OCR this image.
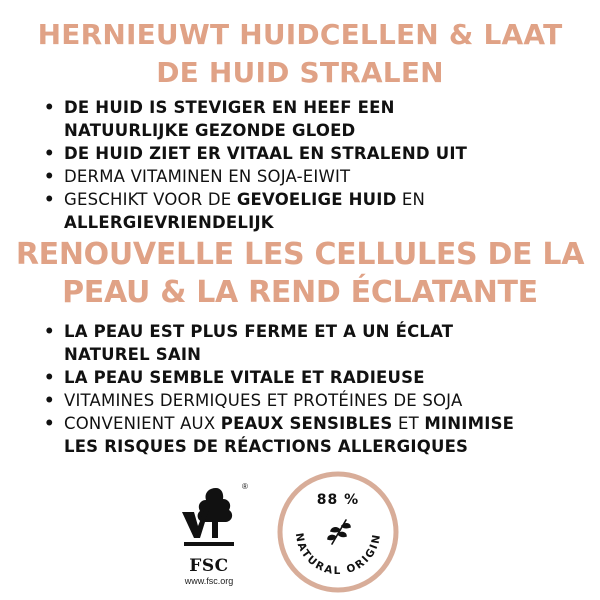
HERNIEUWT HUIDCELLEN & LAAT
DE HUID STRALEN
• DE HUID IS STEVIGER EN HEEF EEN
NATUURLIJKE GEZONDE GLOED
• DE HUID ZIET ER VITAAL EN STRALEND UIT
• DERMA VITAMINEN EN SOJA-EIWIT
• GESCHIKT VOOR DE GEVOELIGE HUID EN
ALLERGIEVRIENDELIJK
RENOUVELLE LES CELLULES DE LA
PEAU & LA REND ÉCLATANTE
• LA PEAU EST PLUS FERME ET A UN ÉCLAT
NATUREL SAIN
• LA PEAU SEMBLE VITALE ET RADIEUSE
• VITAMINES DERMIQUES ET PROTÉINES DE SOJA
• CONVENIENT AUX PEAUX SENSIBLES ET MINIMISE
LES RISQUES DE RÉACTIONS ALLERGIQUES
®
FSC
www.fsc.org
88 %
NATURAL ORIGIN
